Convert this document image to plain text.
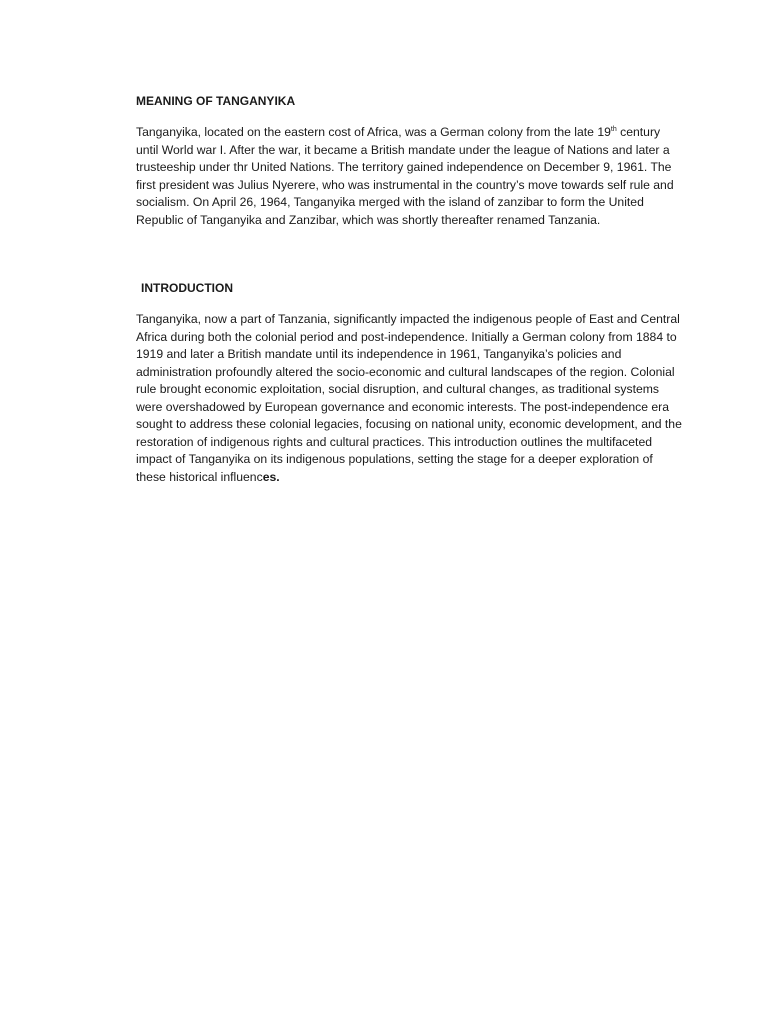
MEANING OF TANGANYIKA

Tanganyika, located on the eastern cost of Africa, was a German colony from the late 19th century until World war I. After the war, it became a British mandate under the league of Nations and later a trusteeship under thr United Nations. The territory gained independence on December 9, 1961. The first president was Julius Nyerere, who was instrumental in the country’s move towards self rule and socialism. On April 26, 1964, Tanganyika merged with the island of zanzibar to form the United Republic of Tanganyika and Zanzibar, which was shortly thereafter renamed Tanzania.

INTRODUCTION

Tanganyika, now a part of Tanzania, significantly impacted the indigenous people of East and Central Africa during both the colonial period and post-independence. Initially a German colony from 1884 to 1919 and later a British mandate until its independence in 1961, Tanganyika’s policies and administration profoundly altered the socio-economic and cultural landscapes of the region. Colonial rule brought economic exploitation, social disruption, and cultural changes, as traditional systems were overshadowed by European governance and economic interests. The post-independence era sought to address these colonial legacies, focusing on national unity, economic development, and the restoration of indigenous rights and cultural practices. This introduction outlines the multifaceted impact of Tanganyika on its indigenous populations, setting the stage for a deeper exploration of these historical influences.
